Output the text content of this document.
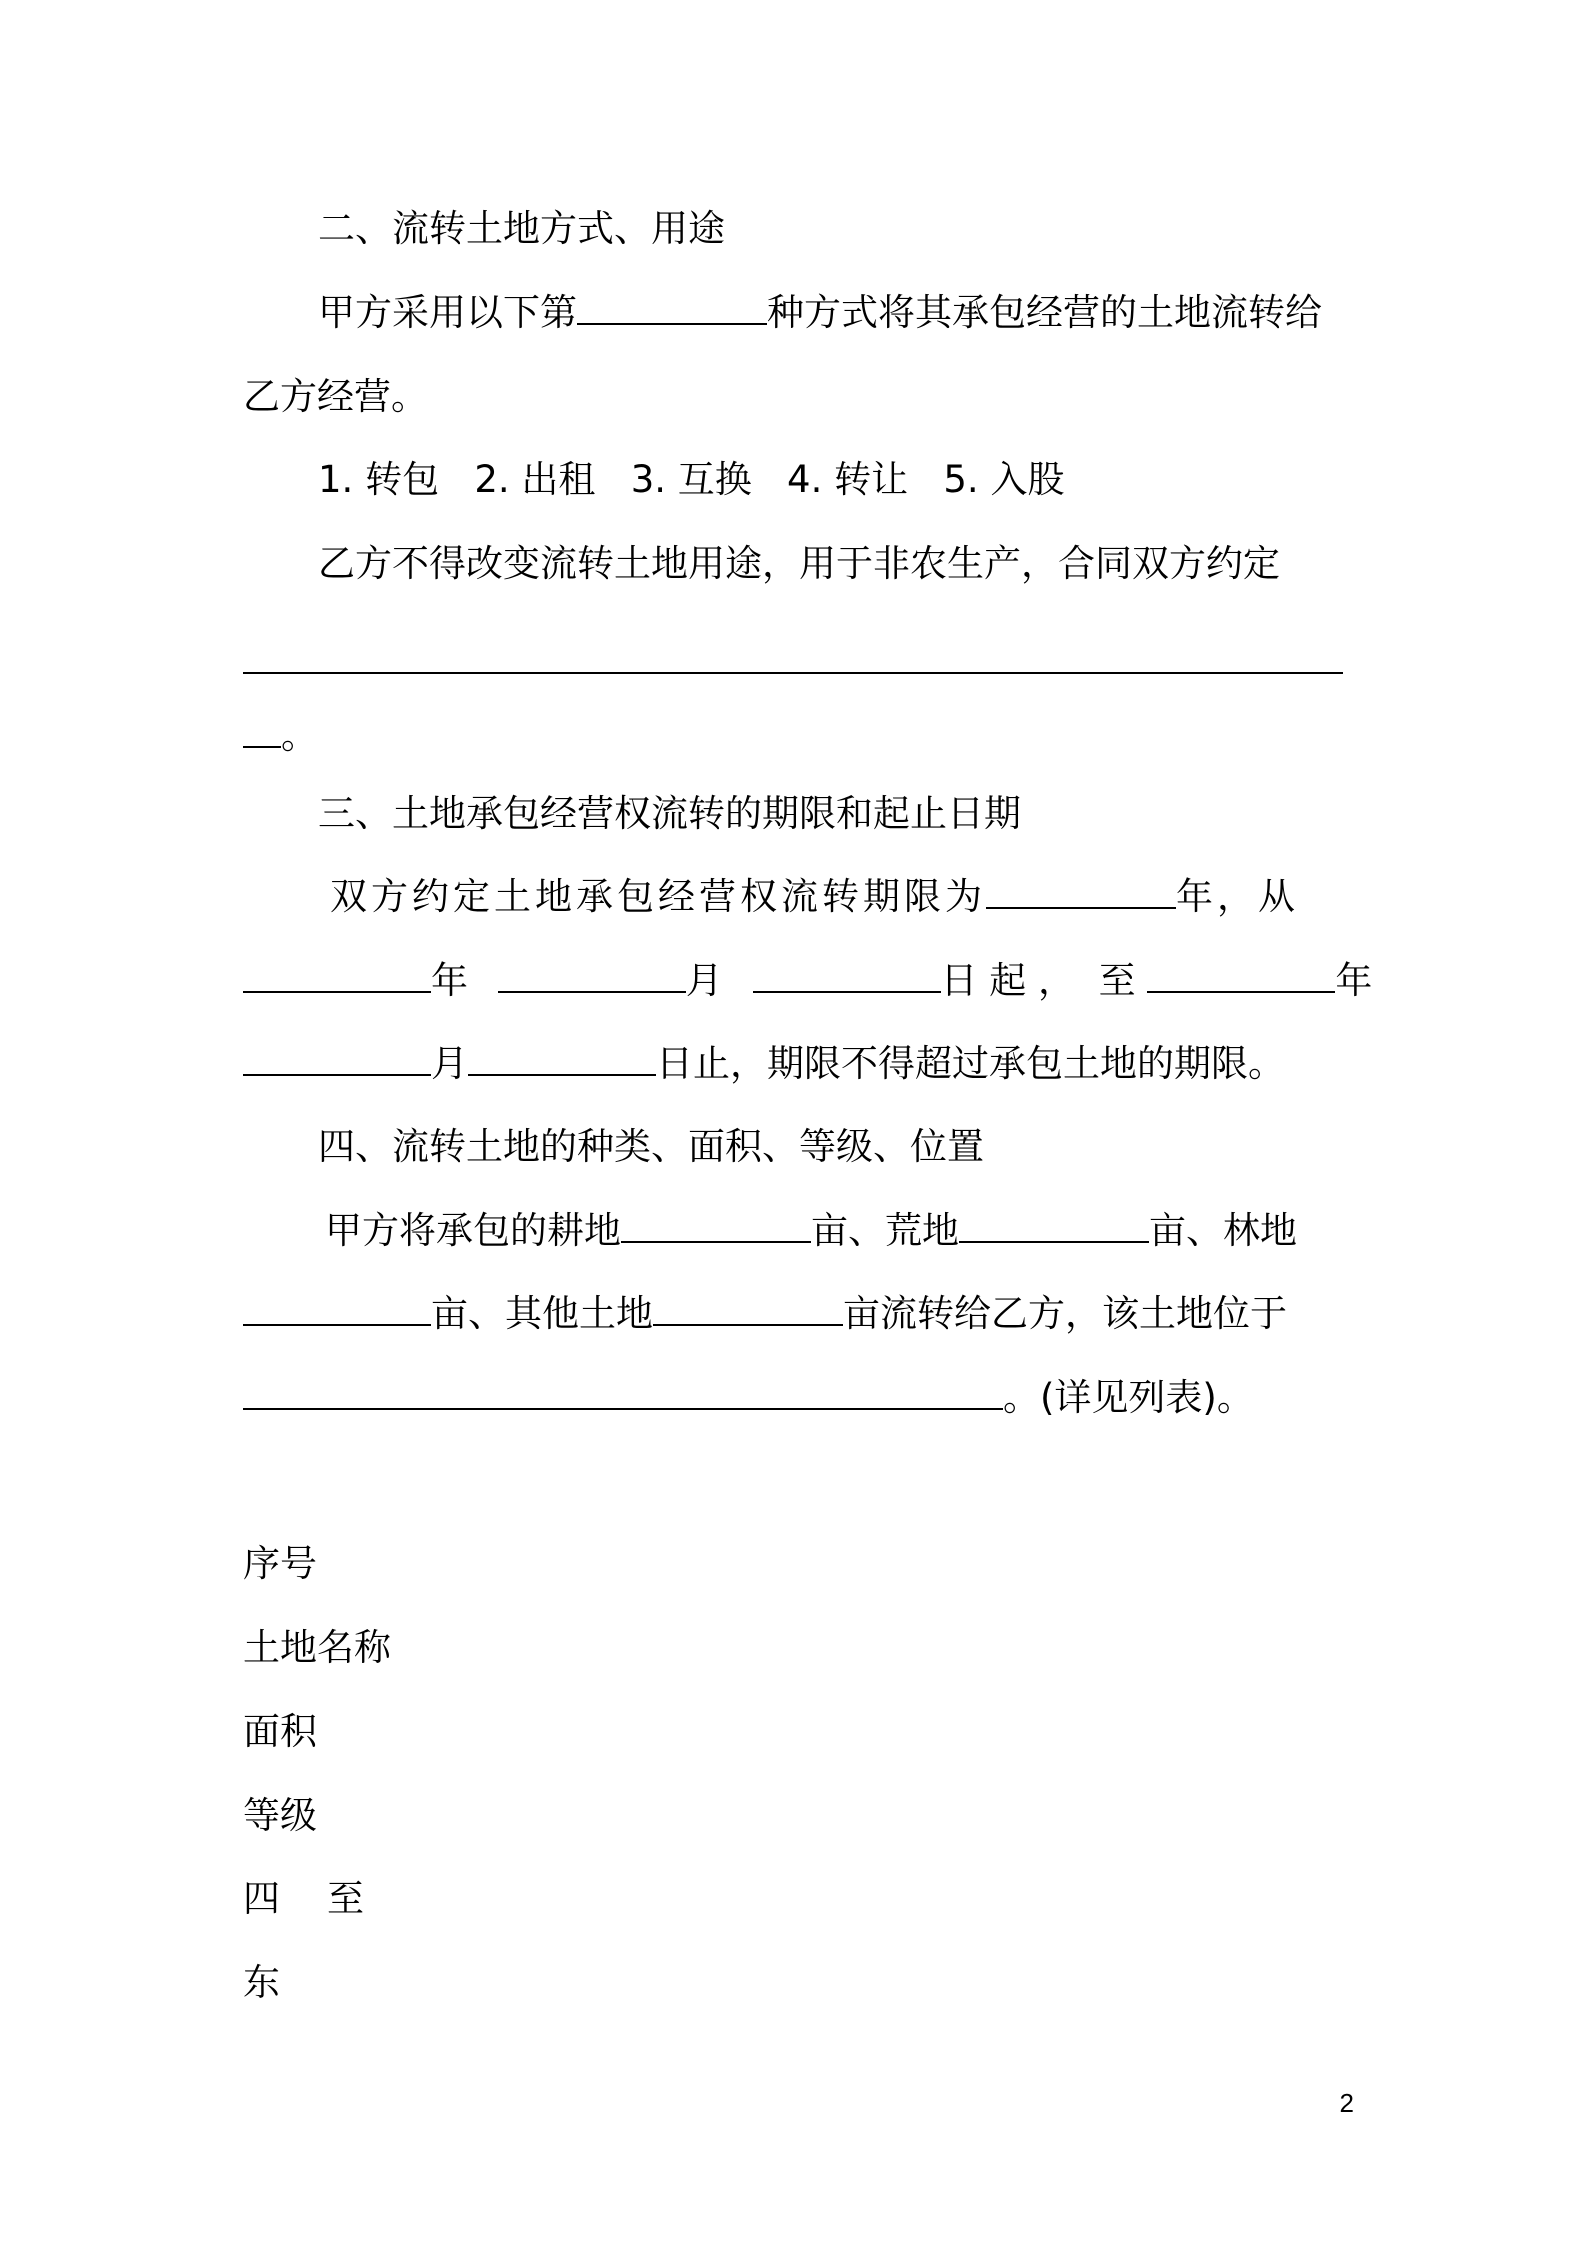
二、流转土地方式、用途
甲方采用以下第	种方式将其承包经营的土地流转给
乙方经营。
1. 转包   2. 出租   3. 互换   4. 转让   5. 入股
乙方不得改变流转土地用途，用于非农生产，合同双方约定
。
三、土地承包经营权流转的期限和起止日期
双方约定土地承包经营权流转期限为	年，从
年	月	日 起 ，  至	年
月	日止，期限不得超过承包土地的期限。
四、流转土地的种类、面积、等级、位置
甲方将承包的耕地	亩、荒地	亩、林地
亩、其他土地	亩流转给乙方，该土地位于
。(详见列表)。
序号
土地名称
面积
等级
四    至
东
2
